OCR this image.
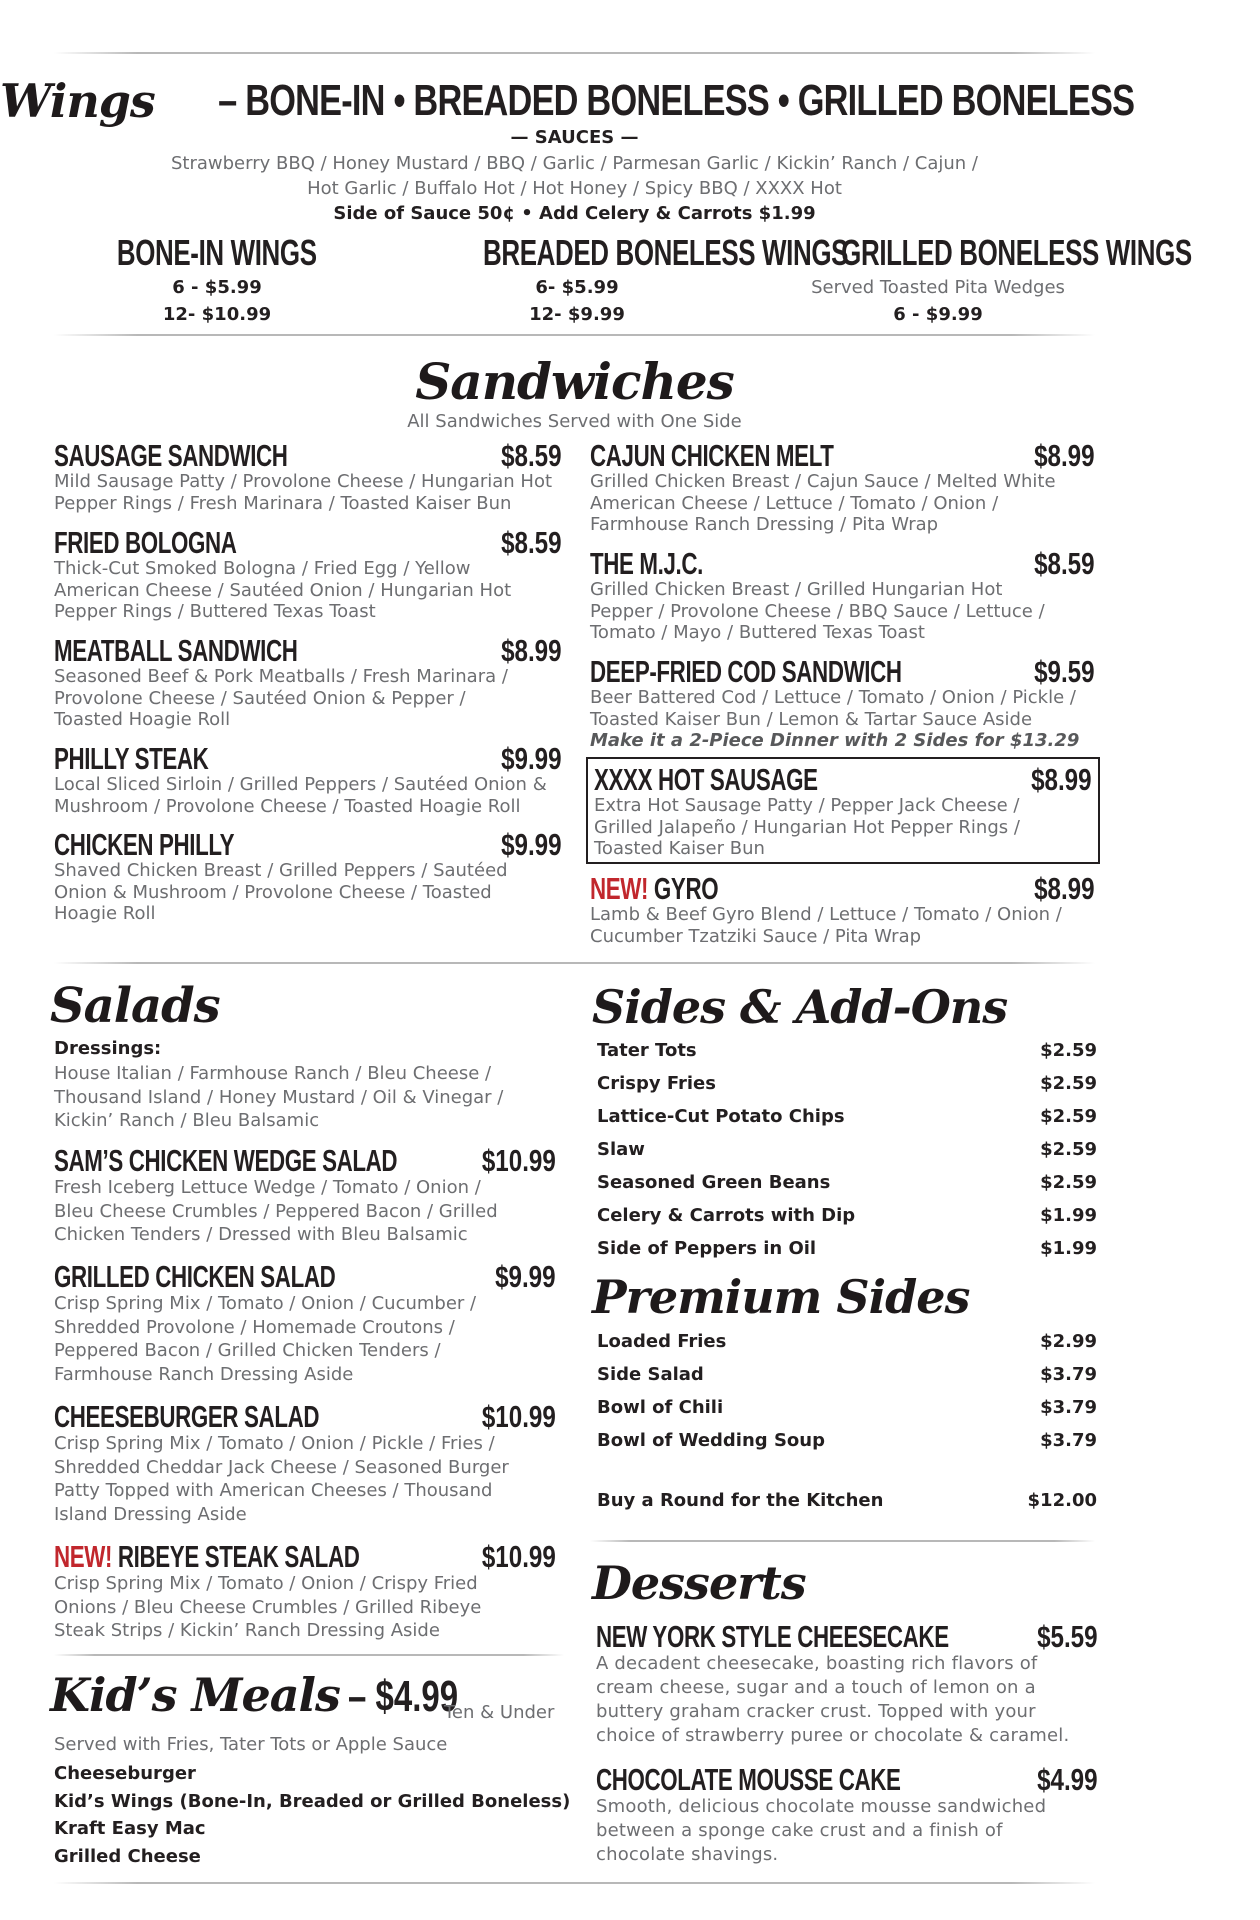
Wings – BONE-IN • BREADED BONELESS • GRILLED BONELESS
— SAUCES —
Strawberry BBQ / Honey Mustard / BBQ / Garlic / Parmesan Garlic / Kickin’ Ranch / Cajun /
Hot Garlic / Buffalo Hot / Hot Honey / Spicy BBQ / XXXX Hot
Side of Sauce 50¢ • Add Celery & Carrots $1.99
BONE-IN WINGS
6 - $5.99
12- $10.99
BREADED BONELESS WINGS
6- $5.99
12- $9.99
GRILLED BONELESS WINGS
Served Toasted Pita Wedges
6 - $9.99
Sandwiches
All Sandwiches Served with One Side
SAUSAGE SANDWICH	$8.59
Mild Sausage Patty / Provolone Cheese / Hungarian Hot
Pepper Rings / Fresh Marinara / Toasted Kaiser Bun
FRIED BOLOGNA	$8.59
Thick-Cut Smoked Bologna / Fried Egg / Yellow
American Cheese / Sautéed Onion / Hungarian Hot
Pepper Rings / Buttered Texas Toast
MEATBALL SANDWICH	$8.99
Seasoned Beef & Pork Meatballs / Fresh Marinara /
Provolone Cheese / Sautéed Onion & Pepper /
Toasted Hoagie Roll
PHILLY STEAK	$9.99
Local Sliced Sirloin / Grilled Peppers / Sautéed Onion &
Mushroom / Provolone Cheese / Toasted Hoagie Roll
CHICKEN PHILLY	$9.99
Shaved Chicken Breast / Grilled Peppers / Sautéed
Onion & Mushroom / Provolone Cheese / Toasted
Hoagie Roll
CAJUN CHICKEN MELT	$8.99
Grilled Chicken Breast / Cajun Sauce / Melted White
American Cheese / Lettuce / Tomato / Onion /
Farmhouse Ranch Dressing / Pita Wrap
THE M.J.C.	$8.59
Grilled Chicken Breast / Grilled Hungarian Hot
Pepper / Provolone Cheese / BBQ Sauce / Lettuce /
Tomato / Mayo / Buttered Texas Toast
DEEP-FRIED COD SANDWICH	$9.59
Beer Battered Cod / Lettuce / Tomato / Onion / Pickle /
Toasted Kaiser Bun / Lemon & Tartar Sauce Aside
Make it a 2-Piece Dinner with 2 Sides for $13.29
XXXX HOT SAUSAGE	$8.99
Extra Hot Sausage Patty / Pepper Jack Cheese /
Grilled Jalapeño / Hungarian Hot Pepper Rings /
Toasted Kaiser Bun
NEW! GYRO	$8.99
Lamb & Beef Gyro Blend / Lettuce / Tomato / Onion /
Cucumber Tzatziki Sauce / Pita Wrap
Salads
Dressings:
House Italian / Farmhouse Ranch / Bleu Cheese /
Thousand Island / Honey Mustard / Oil & Vinegar /
Kickin’ Ranch / Bleu Balsamic
SAM’S CHICKEN WEDGE SALAD	$10.99
Fresh Iceberg Lettuce Wedge / Tomato / Onion /
Bleu Cheese Crumbles / Peppered Bacon / Grilled
Chicken Tenders / Dressed with Bleu Balsamic
GRILLED CHICKEN SALAD	$9.99
Crisp Spring Mix / Tomato / Onion / Cucumber /
Shredded Provolone / Homemade Croutons /
Peppered Bacon / Grilled Chicken Tenders /
Farmhouse Ranch Dressing Aside
CHEESEBURGER SALAD	$10.99
Crisp Spring Mix / Tomato / Onion / Pickle / Fries /
Shredded Cheddar Jack Cheese / Seasoned Burger
Patty Topped with American Cheeses / Thousand
Island Dressing Aside
NEW! RIBEYE STEAK SALAD	$10.99
Crisp Spring Mix / Tomato / Onion / Crispy Fried
Onions / Bleu Cheese Crumbles / Grilled Ribeye
Steak Strips / Kickin’ Ranch Dressing Aside
Kid’s Meals – $4.99
Ten & Under
Served with Fries, Tater Tots or Apple Sauce
Cheeseburger
Kid’s Wings (Bone-In, Breaded or Grilled Boneless)
Kraft Easy Mac
Grilled Cheese
Sides & Add-Ons
Tater Tots	$2.59
Crispy Fries	$2.59
Lattice-Cut Potato Chips	$2.59
Slaw	$2.59
Seasoned Green Beans	$2.59
Celery & Carrots with Dip	$1.99
Side of Peppers in Oil	$1.99
Premium Sides
Loaded Fries	$2.99
Side Salad	$3.79
Bowl of Chili	$3.79
Bowl of Wedding Soup	$3.79
Buy a Round for the Kitchen	$12.00
Desserts
NEW YORK STYLE CHEESECAKE	$5.59
A decadent cheesecake, boasting rich flavors of
cream cheese, sugar and a touch of lemon on a
buttery graham cracker crust. Topped with your
choice of strawberry puree or chocolate & caramel.
CHOCOLATE MOUSSE CAKE	$4.99
Smooth, delicious chocolate mousse sandwiched
between a sponge cake crust and a finish of
chocolate shavings.
